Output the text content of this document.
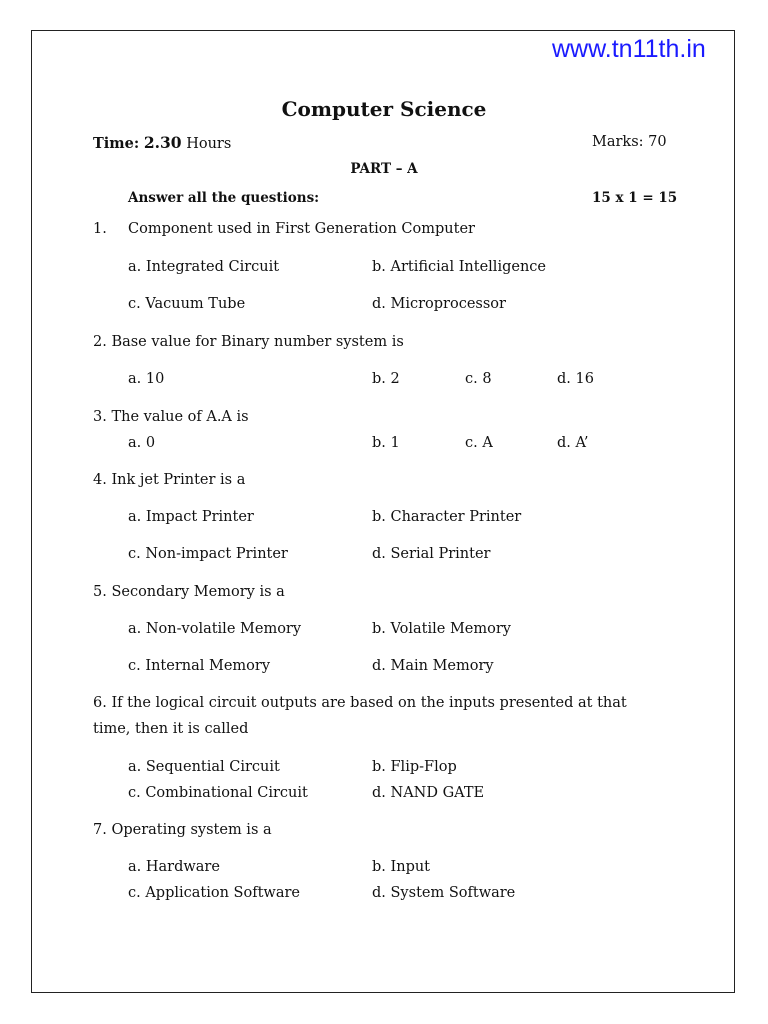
www.tn11th.in
Computer Science
Time: 2.30 Hours	Marks: 70
PART – A
Answer all the questions:	15 x 1 = 15
1. Component used in First Generation Computer
a. Integrated Circuit	b. Artificial Intelligence
c. Vacuum Tube	d. Microprocessor
2. Base value for Binary number system is
a. 10	b. 2	c. 8	d. 16
3. The value of A.A is
a. 0	b. 1	c. A	d. A’
4. Ink jet Printer is a
a. Impact Printer	b. Character Printer
c. Non-impact Printer	d. Serial Printer
5. Secondary Memory is a
a. Non-volatile Memory	b. Volatile Memory
c. Internal Memory	d. Main Memory
6. If the logical circuit outputs are based on the inputs presented at that
time, then it is called
a. Sequential Circuit	b. Flip-Flop
c. Combinational Circuit	d. NAND GATE
7. Operating system is a
a. Hardware	b. Input
c. Application Software	d. System Software
